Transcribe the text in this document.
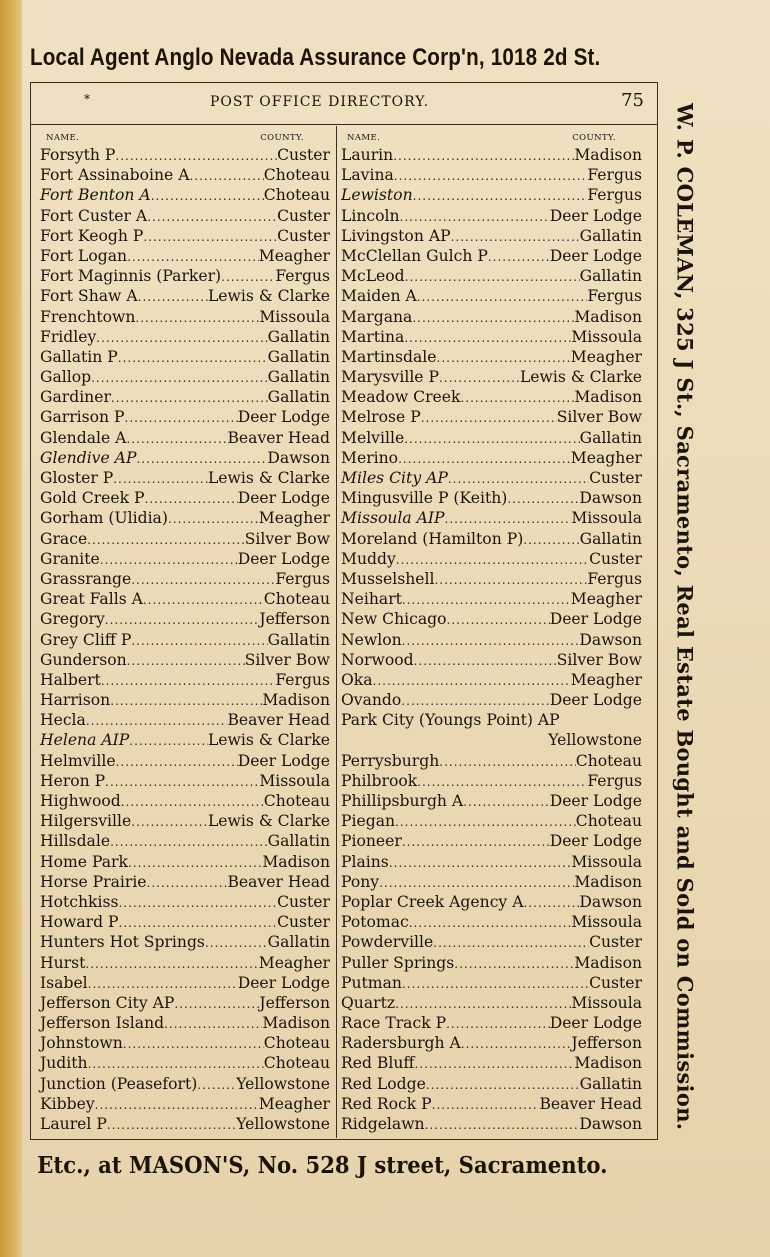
Local Agent Anglo Nevada Assurance Corp'n, 1018 2d St.
*	POST OFFICE DIRECTORY.	75
NAME.	COUNTY.
Forsyth P .....	Custer
Fort Assinaboine A .....	Choteau
Fort Benton A .....	Choteau
Fort Custer A .....	Custer
Fort Keogh P .....	Custer
Fort Logan .....	Meagher
Fort Maginnis (Parker) .....	Fergus
Fort Shaw A .....	Lewis & Clarke
Frenchtown .....	Missoula
Fridley .....	Gallatin
Gallatin P .....	Gallatin
Gallop .....	Gallatin
Gardiner .....	Gallatin
Garrison P .....	Deer Lodge
Glendale A .....	Beaver Head
Glendive AP .....	Dawson
Gloster P .....	Lewis & Clarke
Gold Creek P .....	Deer Lodge
Gorham (Ulidia) .....	Meagher
Grace .....	Silver Bow
Granite .....	Deer Lodge
Grassrange .....	Fergus
Great Falls A .....	Choteau
Gregory .....	Jefferson
Grey Cliff P .....	Gallatin
Gunderson .....	Silver Bow
Halbert .....	Fergus
Harrison .....	Madison
Hecla .....	Beaver Head
Helena AIP .....	Lewis & Clarke
Helmville .....	Deer Lodge
Heron P .....	Missoula
Highwood .....	Choteau
Hilgersville .....	Lewis & Clarke
Hillsdale .....	Gallatin
Home Park .....	Madison
Horse Prairie .....	Beaver Head
Hotchkiss .....	Custer
Howard P .....	Custer
Hunters Hot Springs .....	Gallatin
Hurst .....	Meagher
Isabel .....	Deer Lodge
Jefferson City AP .....	Jefferson
Jefferson Island .....	Madison
Johnstown .....	Choteau
Judith .....	Choteau
Junction (Peasefort) ..... Yellowstone
Kibbey .....	Meagher
Laurel P .....	Yellowstone
NAME.	COUNTY.
Laurin .....	Madison
Lavina .....	Fergus
Lewiston .....	Fergus
Lincoln .....	Deer Lodge
Livingston AP .....	Gallatin
McClellan Gulch P .....	Deer Lodge
McLeod .....	Gallatin
Maiden A .....	Fergus
Margana .....	Madison
Martina .....	Missoula
Martinsdale .....	Meagher
Marysville P .....	Lewis & Clarke
Meadow Creek .....	Madison
Melrose P .....	Silver Bow
Melville .....	Gallatin
Merino .....	Meagher
Miles City AP .....	Custer
Mingusville P (Keith) .....	Dawson
Missoula AIP .....	Missoula
Moreland (Hamilton P) .....	Gallatin
Muddy .....	Custer
Musselshell .....	Fergus
Neihart .....	Meagher
New Chicago .....	Deer Lodge
Newlon .....	Dawson
Norwood .....	Silver Bow
Oka .....	Meagher
Ovando .....	Deer Lodge
Park City (Youngs Point) AP
Yellowstone
Perrysburgh .....	Choteau
Philbrook .....	Fergus
Phillipsburgh A .....	Deer Lodge
Piegan .....	Choteau
Pioneer .....	Deer Lodge
Plains .....	Missoula
Pony .....	Madison
Poplar Creek Agency A .....	Dawson
Potomac .....	Missoula
Powderville .....	Custer
Puller Springs .....	Madison
Putman .....	Custer
Quartz .....	Missoula
Race Track P .....	Deer Lodge
Radersburgh A .....	Jefferson
Red Bluff .....	Madison
Red Lodge .....	Gallatin
Red Rock P .....	Beaver Head
Ridgelawn .....	Dawson W. P. COLEMAN, 325 J St., Sacramento, Real Estate Bought and Sold on Commission.
Etc., at MASON'S, No. 528 J street, Sacramento.
